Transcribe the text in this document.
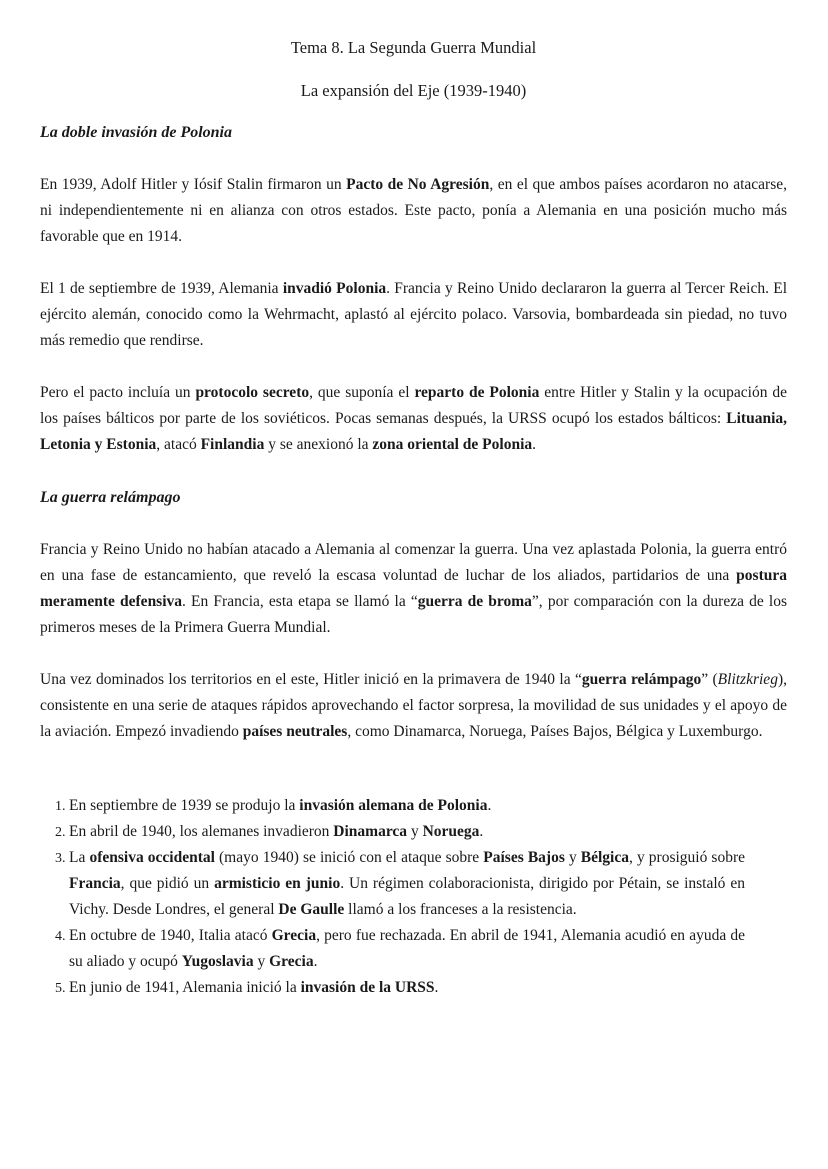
Tema 8. La Segunda Guerra Mundial
La expansión del Eje (1939-1940)
La doble invasión de Polonia

En 1939, Adolf Hitler y Iósif Stalin firmaron un Pacto de No Agresión, en el que ambos países acordaron no atacarse, ni independientemente ni en alianza con otros estados. Este pacto, ponía a Alemania en una posición mucho más favorable que en 1914.

El 1 de septiembre de 1939, Alemania invadió Polonia. Francia y Reino Unido declararon la guerra al Tercer Reich. El ejército alemán, conocido como la Wehrmacht, aplastó al ejército polaco. Varsovia, bombardeada sin piedad, no tuvo más remedio que rendirse.

Pero el pacto incluía un protocolo secreto, que suponía el reparto de Polonia entre Hitler y Stalin y la ocupación de los países bálticos por parte de los soviéticos. Pocas semanas después, la URSS ocupó los estados bálticos: Lituania, Letonia y Estonia, atacó Finlandia y se anexionó la zona oriental de Polonia.

La guerra relámpago

Francia y Reino Unido no habían atacado a Alemania al comenzar la guerra. Una vez aplastada Polonia, la guerra entró en una fase de estancamiento, que reveló la escasa voluntad de luchar de los aliados, partidarios de una postura meramente defensiva. En Francia, esta etapa se llamó la “guerra de broma”, por comparación con la dureza de los primeros meses de la Primera Guerra Mundial.

Una vez dominados los territorios en el este, Hitler inició en la primavera de 1940 la “guerra relámpago” (Blitzkrieg), consistente en una serie de ataques rápidos aprovechando el factor sorpresa, la movilidad de sus unidades y el apoyo de la aviación. Empezó invadiendo países neutrales, como Dinamarca, Noruega, Países Bajos, Bélgica y Luxemburgo.

1. En septiembre de 1939 se produjo la invasión alemana de Polonia.
2. En abril de 1940, los alemanes invadieron Dinamarca y Noruega.
3. La ofensiva occidental (mayo 1940) se inició con el ataque sobre Países Bajos y Bélgica, y prosiguió sobre Francia, que pidió un armisticio en junio. Un régimen colaboracionista, dirigido por Pétain, se instaló en Vichy. Desde Londres, el general De Gaulle llamó a los franceses a la resistencia.
4. En octubre de 1940, Italia atacó Grecia, pero fue rechazada. En abril de 1941, Alemania acudió en ayuda de su aliado y ocupó Yugoslavia y Grecia.
5. En junio de 1941, Alemania inició la invasión de la URSS.
